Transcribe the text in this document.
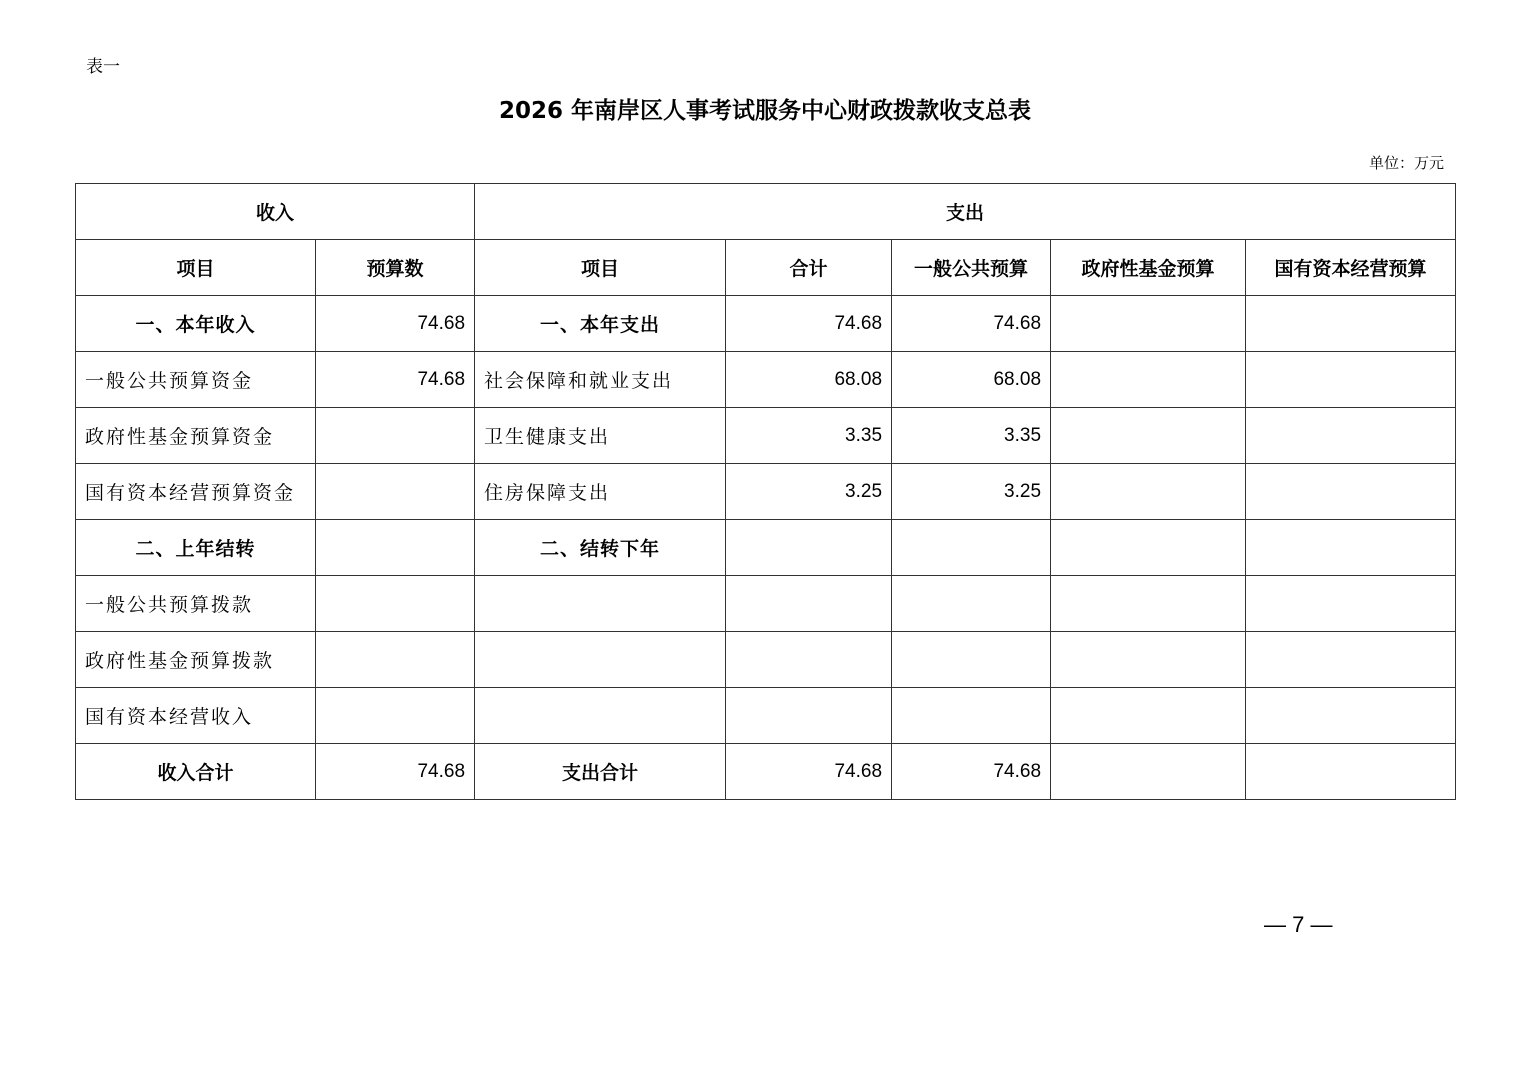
表一
2026 年南岸区人事考试服务中心财政拨款收支总表
单位：万元
收入		支出				
项目	预算数	项目	合计	一般公共预算	政府性基金预算	国有资本经营预算
一、本年收入	74.68	一、本年支出	74.68	74.68		
一般公共预算资金	74.68	社会保障和就业支出	68.08	68.08		
政府性基金预算资金		卫生健康支出	3.35	3.35		
国有资本经营预算资金		住房保障支出	3.25	3.25		
二、上年结转		二、结转下年				
一般公共预算拨款						
政府性基金预算拨款						
国有资本经营收入						
收入合计	74.68	支出合计	74.68	74.68		
— 7 —
